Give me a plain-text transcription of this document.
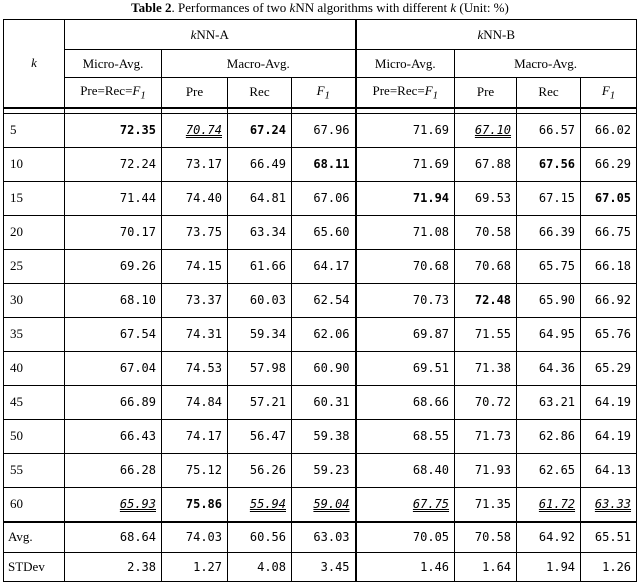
Table 2. Performances of two kNN algorithms with different k (Unit: %)
k	kNN-A				kNN-B			
	Micro-Avg.	Macro-Avg.			Micro-Avg.	Macro-Avg.		
	$Pre=Rec=F_1$	Pre	Rec	$F_1$	$Pre=Rec=F_1$	Pre	Rec	$F_1$

5	72.35	70.74	67.24	67.96	71.69	67.10	66.57	66.02
10	72.24	73.17	66.49	68.11	71.69	67.88	67.56	66.29
15	71.44	74.40	64.81	67.06	71.94	69.53	67.15	67.05
20	70.17	73.75	63.34	65.60	71.08	70.58	66.39	66.75
25	69.26	74.15	61.66	64.17	70.68	70.68	65.75	66.18
30	68.10	73.37	60.03	62.54	70.73	72.48	65.90	66.92
35	67.54	74.31	59.34	62.06	69.87	71.55	64.95	65.76
40	67.04	74.53	57.98	60.90	69.51	71.38	64.36	65.29
45	66.89	74.84	57.21	60.31	68.66	70.72	63.21	64.19
50	66.43	74.17	56.47	59.38	68.55	71.73	62.86	64.19
55	66.28	75.12	56.26	59.23	68.40	71.93	62.65	64.13
60	65.93	75.86	55.94	59.04	67.75	71.35	61.72	63.33
Avg.	68.64	74.03	60.56	63.03	70.05	70.58	64.92	65.51
STDev	2.38	1.27	4.08	3.45	1.46	1.64	1.94	1.26
